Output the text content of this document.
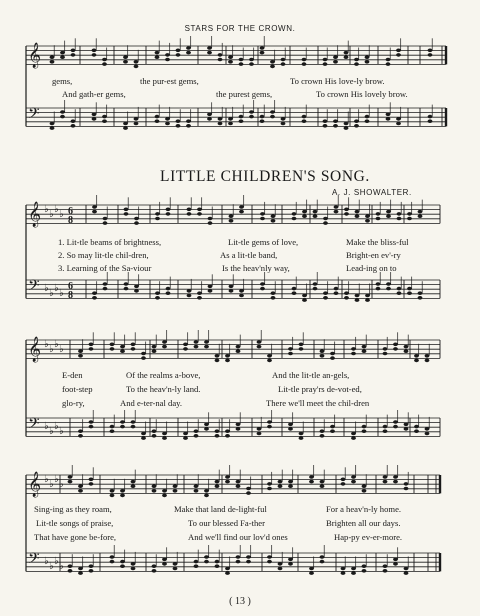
𝄞
𝄢
𝄞
𝄢
♭
♭
♭
♭
♭
♭
♭
♭
6
8
6
8
𝄞
𝄢
♭
♭
♭
♭
♭
♭
♭
♭
𝄞
𝄢
♭
♭
♭
♭
♭
♭
♭
♭
STARS FOR THE CROWN.
gems,	the pur-est gems,	To crown His love-ly brow.
And gath-er gems,	the purest gems,	To crown His lovely brow.
LITTLE CHILDREN'S SONG.
A. J. SHOWALTER.
1. Lit-tle beams of brightness,	Lit-tle gems of love,	Make the bliss-ful
2. So may lit-tle chil-dren,	As a lit-tle band,	Bright-en ev'-ry
3. Learning of the Sa-viour	Is the heav'nly way,	Lead-ing on to
E-den	Of the realms a-bove,	And the lit-tle an-gels,
foot-step	To the heav'n-ly land.	Lit-tle pray'rs de-vot-ed,
glo-ry,	And e-ter-nal day.	There we'll meet the chil-dren
Sing-ing as they roam,	Make that land de-light-ful	For a heav'n-ly home.
Lit-tle songs of praise,	To our blessed Fa-ther	Brighten all our days.
That have gone be-fore,	And we'll find our lov'd ones	Hap-py ev-er-more.
( 13 )
